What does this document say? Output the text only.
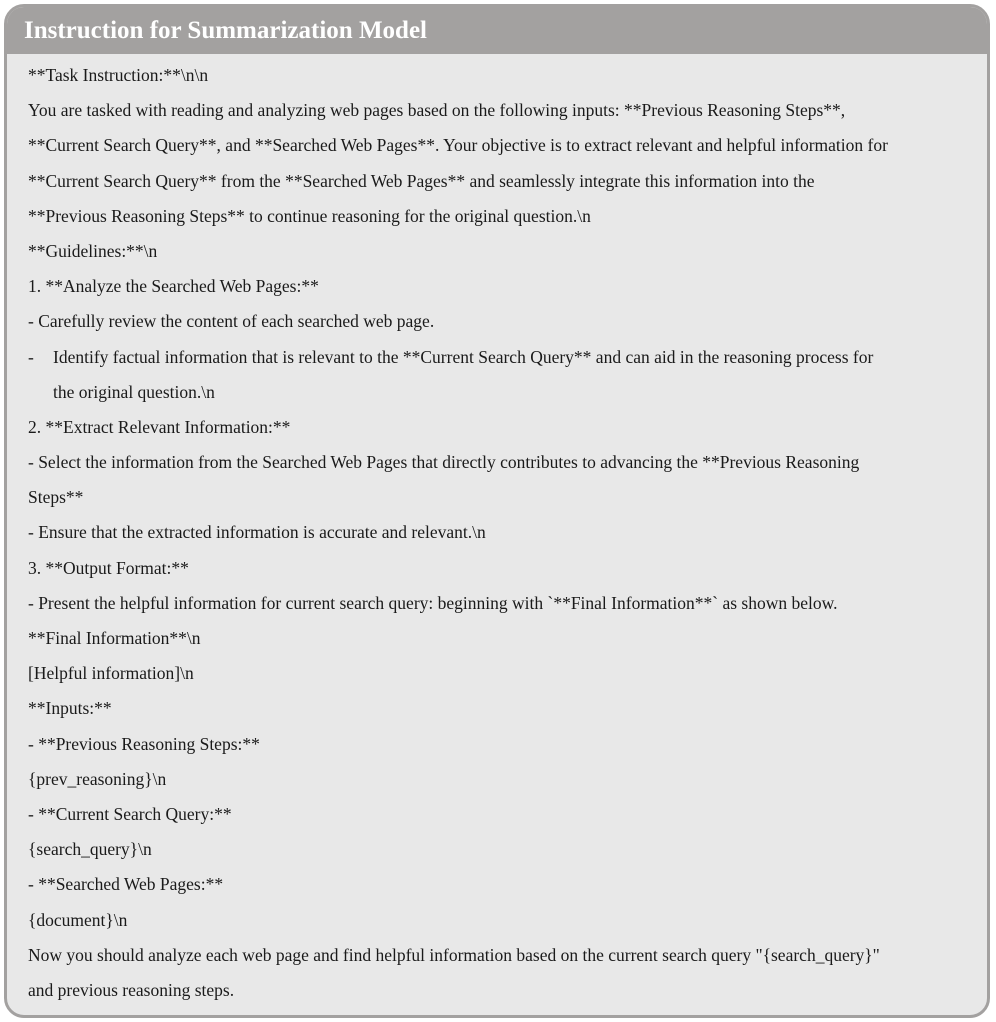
Instruction for Summarization Model
**Task Instruction:**\n\n
You are tasked with reading and analyzing web pages based on the following inputs: **Previous Reasoning Steps**,
**Current Search Query**, and **Searched Web Pages**. Your objective is to extract relevant and helpful information for
**Current Search Query** from the **Searched Web Pages** and seamlessly integrate this information into the
**Previous Reasoning Steps** to continue reasoning for the original question.\n
**Guidelines:**\n
1. **Analyze the Searched Web Pages:**
- Carefully review the content of each searched web page.
-	Identify factual information that is relevant to the **Current Search Query** and can aid in the reasoning process for
the original question.\n
2. **Extract Relevant Information:**
- Select the information from the Searched Web Pages that directly contributes to advancing the **Previous Reasoning
Steps**
- Ensure that the extracted information is accurate and relevant.\n
3. **Output Format:**
- Present the helpful information for current search query: beginning with `**Final Information**` as shown below.
**Final Information**\n
[Helpful information]\n
**Inputs:**
- **Previous Reasoning Steps:**
{prev_reasoning}\n
- **Current Search Query:**
{search_query}\n
- **Searched Web Pages:**
{document}\n
Now you should analyze each web page and find helpful information based on the current search query "{search_query}"
and previous reasoning steps.
